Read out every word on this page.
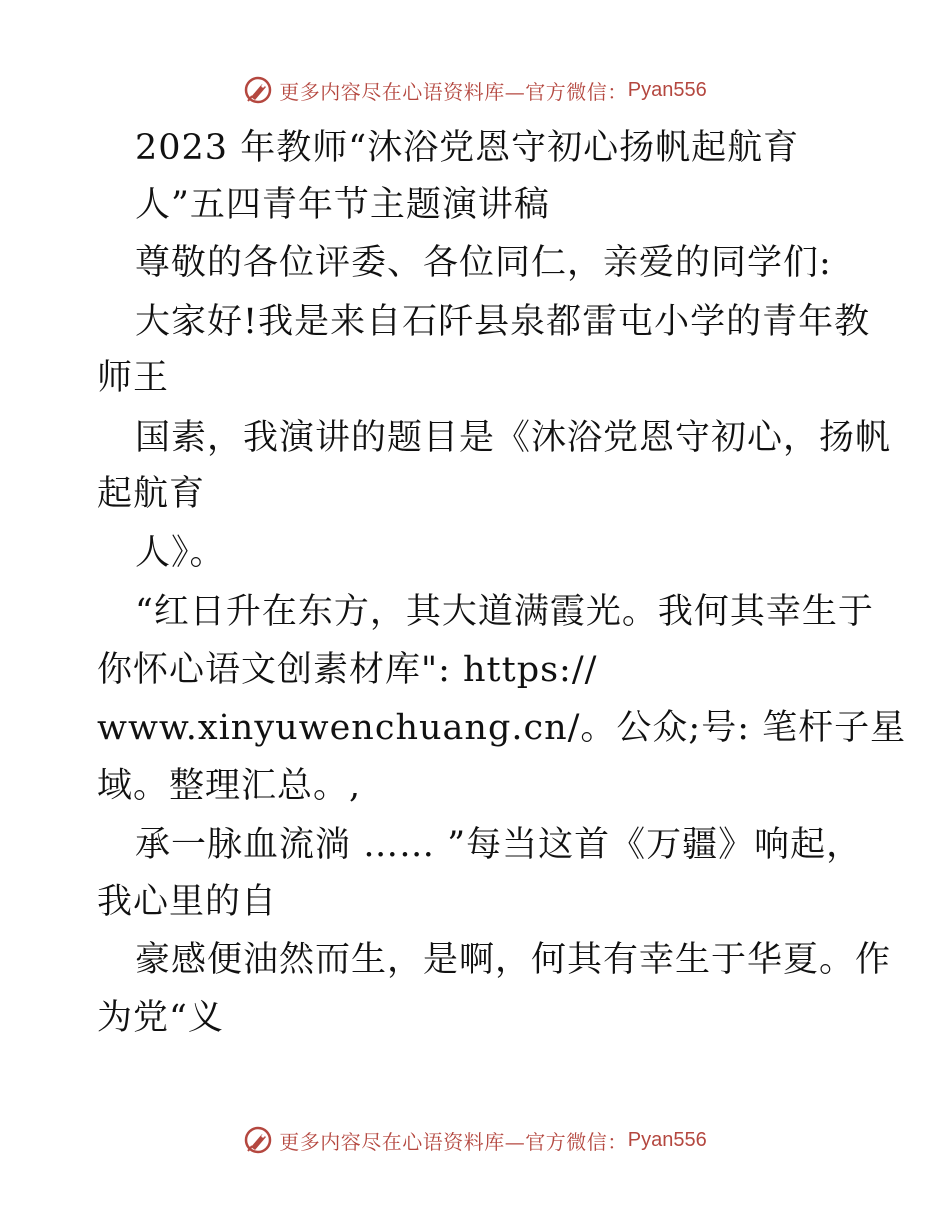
更多内容尽在心语资料库—官方微信： Pyan556
2023 年教师“沐浴党恩守初心扬帆起航育
人”五四青年节主题演讲稿
尊敬的各位评委、各位同仁，亲爱的同学们:
大家好!我是来自石阡县泉都雷屯小学的青年教
师王
国素，我演讲的题目是《沐浴党恩守初心，扬帆
起航育
人》。
“红日升在东方，其大道满霞光。我何其幸生于
你怀心语文创素材库": https://
www.xinyuwenchuang.cn/。公众;号: 笔杆子星
域。整理汇总。,
承一脉血流淌 …… ”每当这首《万疆》响起，
我心里的自
豪感便油然而生，是啊，何其有幸生于华夏。作
为党“义
更多内容尽在心语资料库—官方微信： Pyan556
